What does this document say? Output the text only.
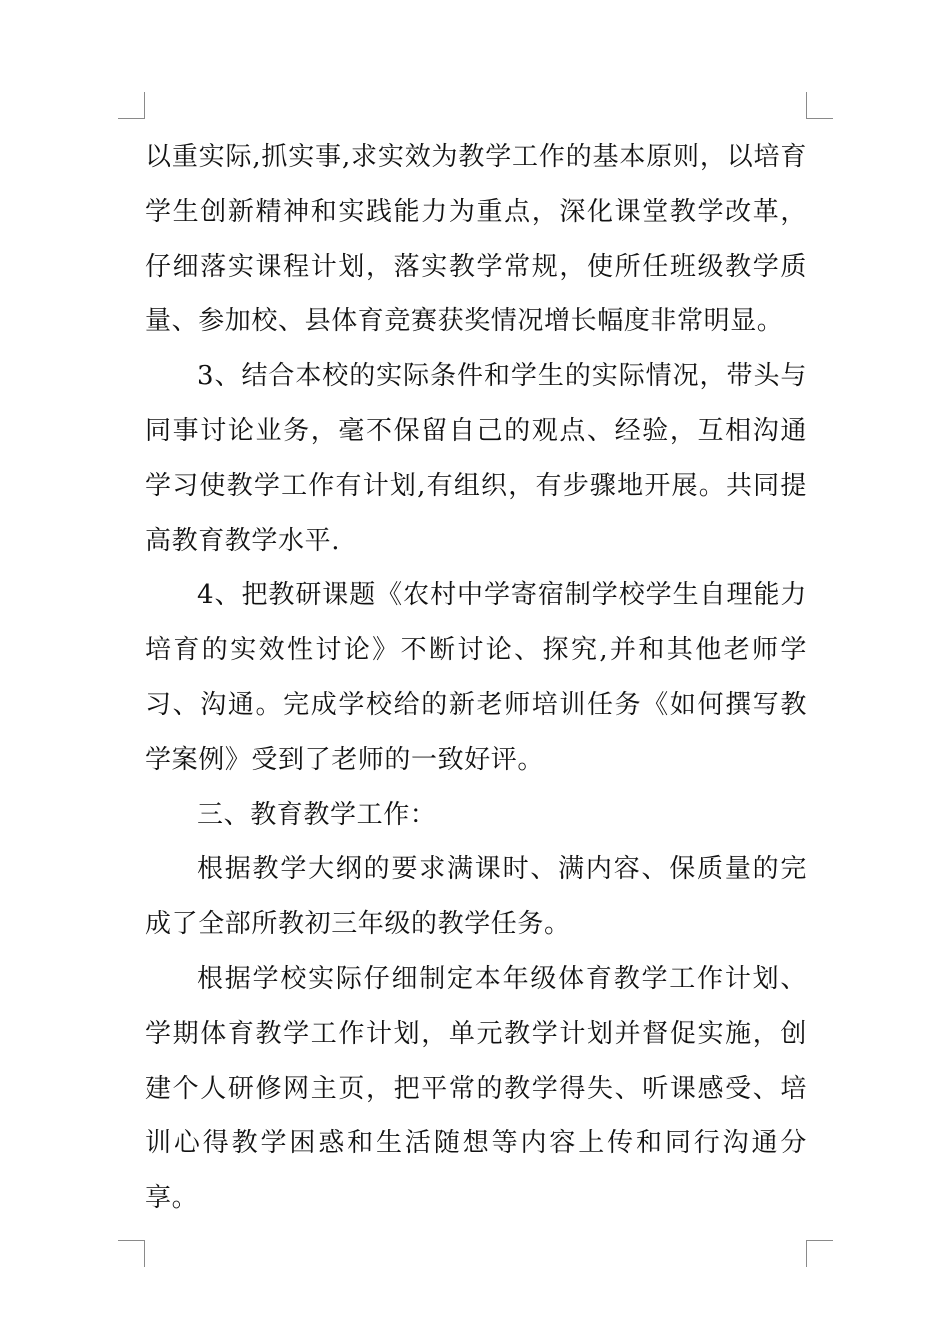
以重实际,抓实事,求实效为教学工作的基本原则，以培育学生创新精神和实践能力为重点，深化课堂教学改革，仔细落实课程计划，落实教学常规，使所任班级教学质量、参加校、县体育竞赛获奖情况增长幅度非常明显。

3、结合本校的实际条件和学生的实际情况，带头与同事讨论业务，毫不保留自己的观点、经验，互相沟通学习使教学工作有计划,有组织，有步骤地开展。共同提高教育教学水平.

4、把教研课题《农村中学寄宿制学校学生自理能力培育的实效性讨论》不断讨论、探究,并和其他老师学习、沟通。完成学校给的新老师培训任务《如何撰写教学案例》受到了老师的一致好评。

三、教育教学工作：

根据教学大纲的要求满课时、满内容、保质量的完成了全部所教初三年级的教学任务。

根据学校实际仔细制定本年级体育教学工作计划、学期体育教学工作计划，单元教学计划并督促实施，创建个人研修网主页，把平常的教学得失、听课感受、培训心得教学困惑和生活随想等内容上传和同行沟通分享。
